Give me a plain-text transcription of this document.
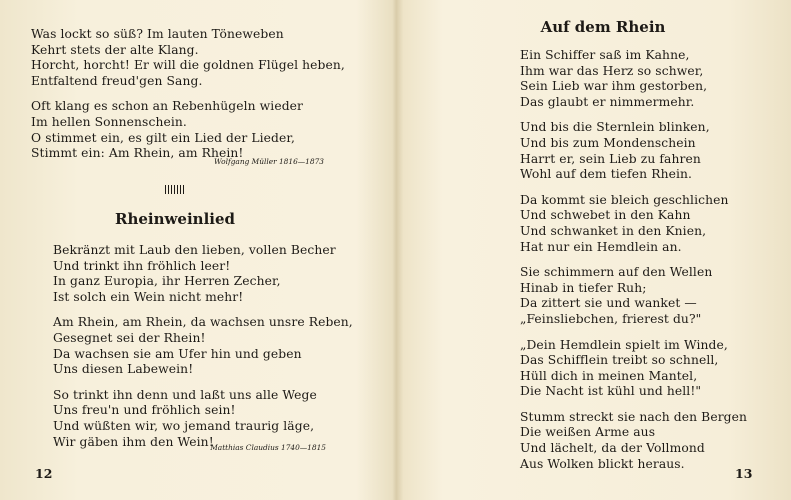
Was lockt so süß? Im lauten Töneweben
Kehrt stets der alte Klang.
Horcht, horcht! Er will die goldnen Flügel heben,
Entfaltend freud'gen Sang.
Oft klang es schon an Rebenhügeln wieder
Im hellen Sonnenschein.
O stimmet ein, es gilt ein Lied der Lieder,
Stimmt ein: Am Rhein, am Rhein!
Wolfgang Müller 1816—1873
Rheinweinlied
Bekränzt mit Laub den lieben, vollen Becher
Und trinkt ihn fröhlich leer!
In ganz Europia, ihr Herren Zecher,
Ist solch ein Wein nicht mehr!
Am Rhein, am Rhein, da wachsen unsre Reben,
Gesegnet sei der Rhein!
Da wachsen sie am Ufer hin und geben
Uns diesen Labewein!
So trinkt ihn denn und laßt uns alle Wege
Uns freu'n und fröhlich sein!
Und wüßten wir, wo jemand traurig läge,
Wir gäben ihm den Wein!
Matthias Claudius 1740—1815
12
Auf dem Rhein
Ein Schiffer saß im Kahne,
Ihm war das Herz so schwer,
Sein Lieb war ihm gestorben,
Das glaubt er nimmermehr.
Und bis die Sternlein blinken,
Und bis zum Mondenschein
Harrt er, sein Lieb zu fahren
Wohl auf dem tiefen Rhein.
Da kommt sie bleich geschlichen
Und schwebet in den Kahn
Und schwanket in den Knien,
Hat nur ein Hemdlein an.
Sie schimmern auf den Wellen
Hinab in tiefer Ruh;
Da zittert sie und wanket —
„Feinsliebchen, frierest du?"
„Dein Hemdlein spielt im Winde,
Das Schifflein treibt so schnell,
Hüll dich in meinen Mantel,
Die Nacht ist kühl und hell!"
Stumm streckt sie nach den Bergen
Die weißen Arme aus
Und lächelt, da der Vollmond
Aus Wolken blickt heraus.
13
